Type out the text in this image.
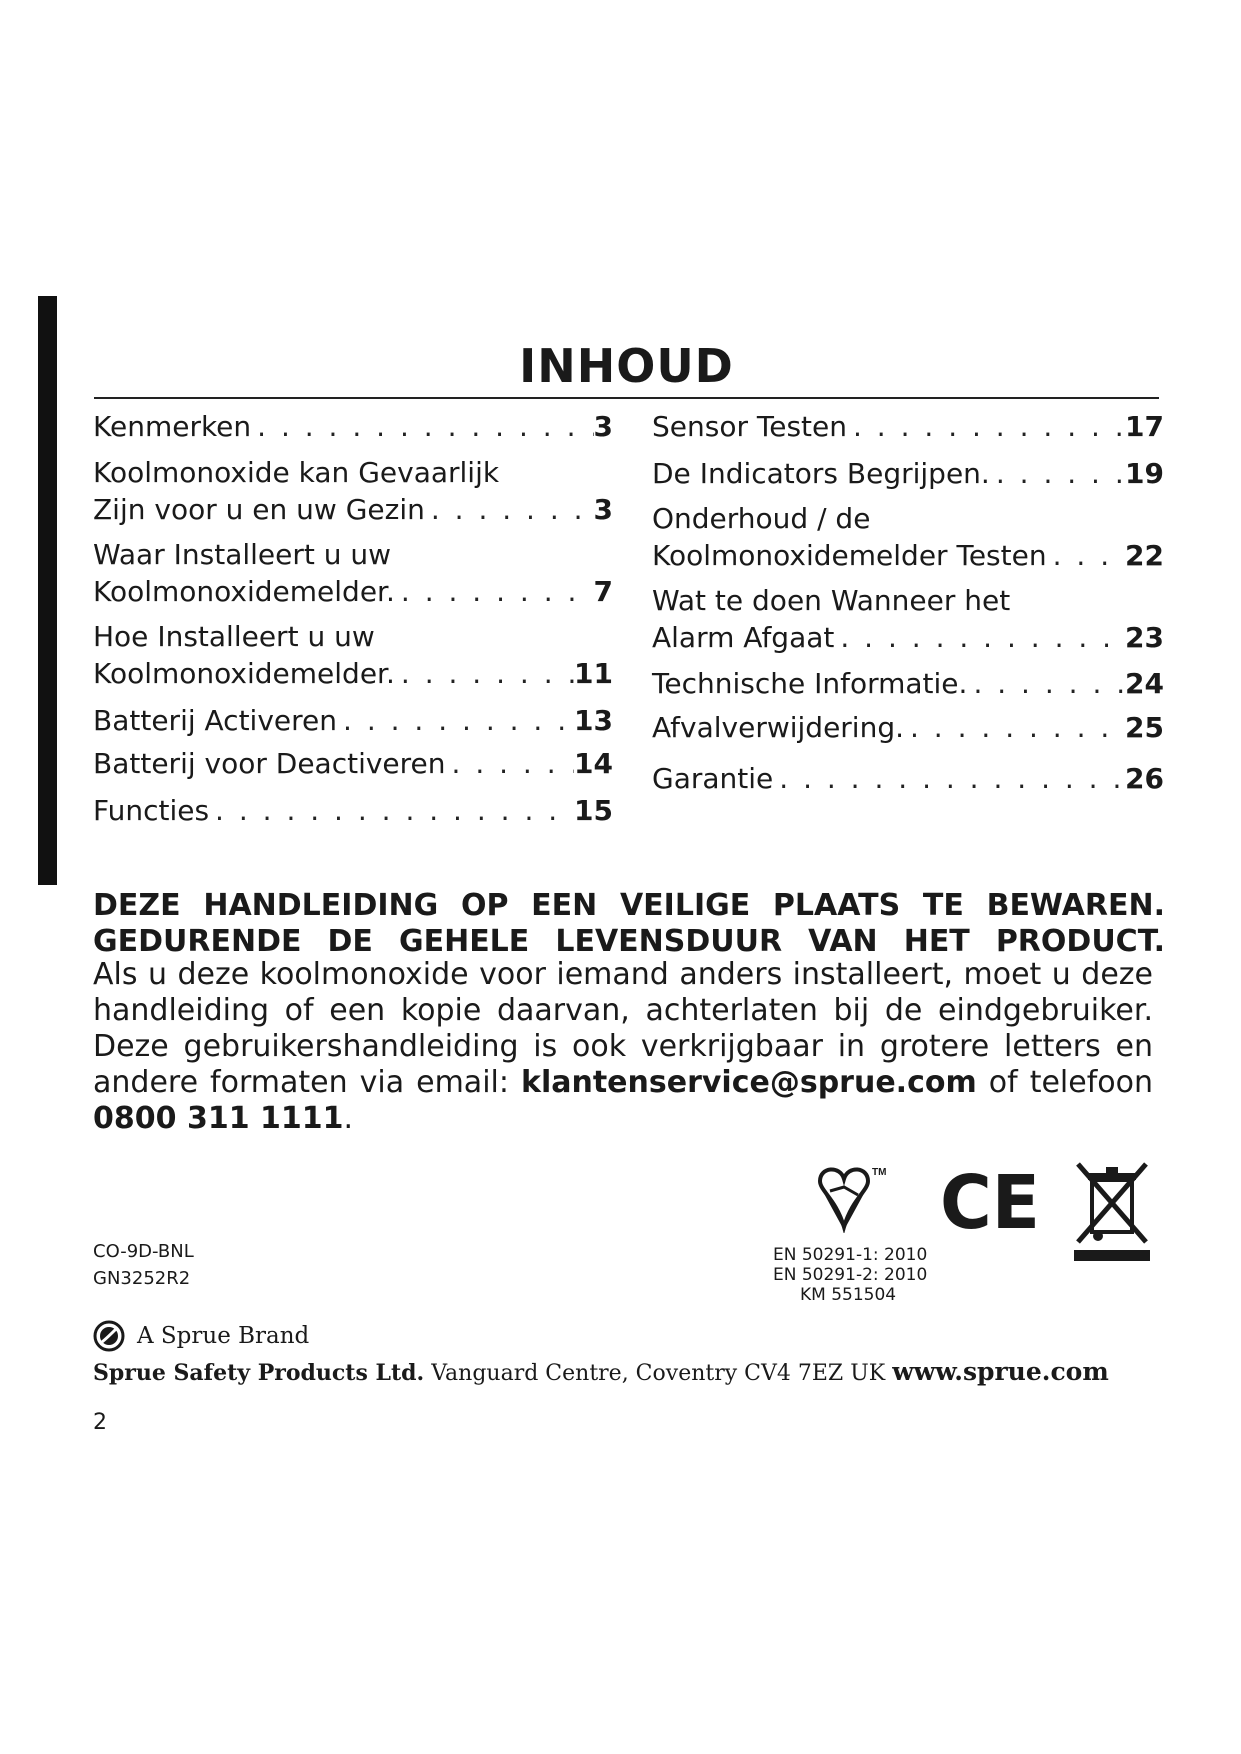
INHOUD
Kenmerken . . .	3
Koolmonoxide kan Gevaarlijk
Zijn voor u en uw Gezin . . .	3
Waar Installeert u uw
Koolmonoxidemelder. . . .	7
Hoe Installeert u uw
Koolmonoxidemelder. . . .	11
Batterij Activeren . . .	13
Batterij voor Deactiveren . . .	14
Functies . . .	15
Sensor Testen . . .	17
De Indicators Begrijpen. . . .	19
Onderhoud / de
Koolmonoxidemelder Testen . . .	22
Wat te doen Wanneer het
Alarm Afgaat . . .	23
Technische Informatie. . . .	24
Afvalverwijdering. . . .	25
Garantie . . .	26
DEZE HANDLEIDING OP EEN VEILIGE PLAATS TE BEWAREN.
GEDURENDE DE GEHELE LEVENSDUUR VAN HET PRODUCT.
Als u deze koolmonoxide voor iemand anders installeert, moet u deze handleiding of een kopie daarvan, achterlaten bij de eindgebruiker. Deze gebruikershandleiding is ook verkrijgbaar in grotere letters en andere formaten via email: klantenservice@sprue.com of telefoon 0800 311 1111.
CO-9D-BNL
GN3252R2
TM CE
EN 50291-1: 2010
EN 50291-2: 2010
KM 551504
A Sprue Brand
Sprue Safety Products Ltd. Vanguard Centre, Coventry CV4 7EZ UK www.sprue.com
2
